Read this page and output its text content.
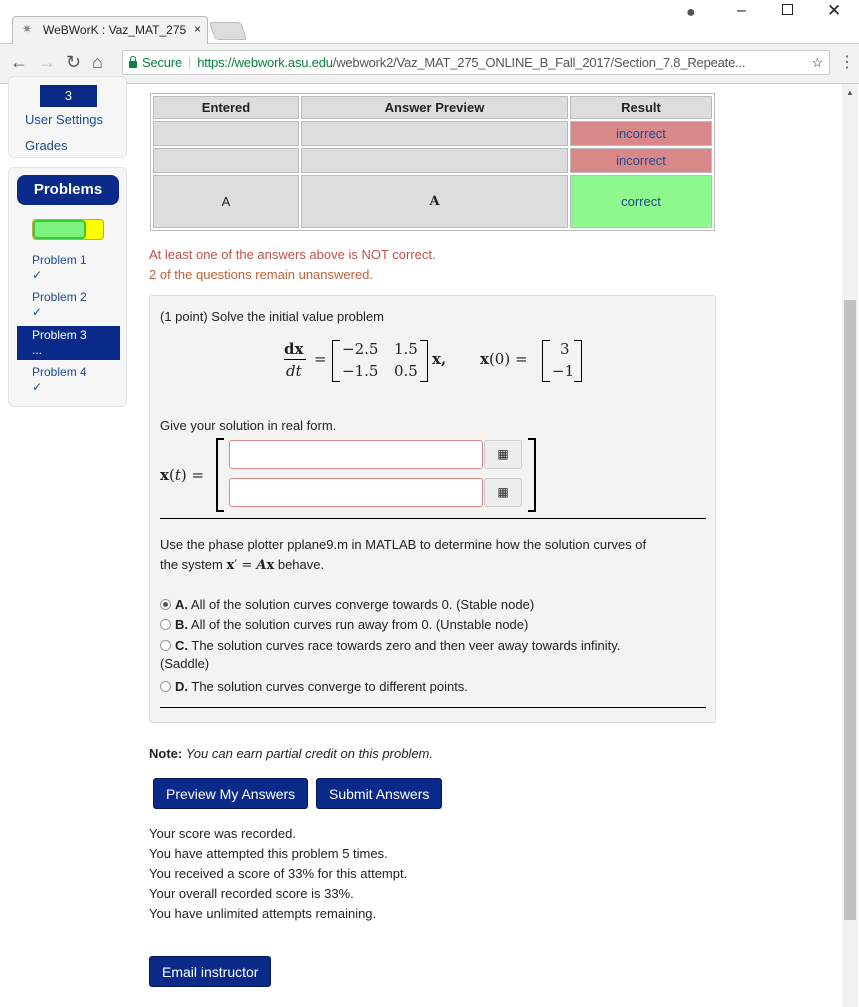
✷ WeBWorK : Vaz_MAT_275 ×
●	–	✕
← → ↻ ⌂	Secure | https://webwork.asu.edu /webwork2/Vaz_MAT_275_ONLINE_B_Fall_2017/Section_7.8_Repeate...	☆ ⋮
3
User Settings
Grades
Problems
Problem 1
✓
Problem 2
✓
Problem 3
...
Problem 4
✓
Entered	Answer Preview	Result
		incorrect
		incorrect
A	A	correct
At least one of the answers above is NOT correct.
2 of the questions remain unanswered.
(1 point) Solve the initial value problem
dx
dt
=
−2.5 1.5
−1.5 0.5
x, x(0) =
3
−1
Give your solution in real form.
x(t) =
▦
▦
Use the phase plotter pplane9.m in MATLAB to determine how the solution curves of
the system x′ = Ax behave.
A. All of the solution curves converge towards 0. (Stable node)
B. All of the solution curves run away from 0. (Unstable node)
C. The solution curves race towards zero and then veer away towards infinity.
(Saddle)
D. The solution curves converge to different points.
Note: You can earn partial credit on this problem.
Preview My Answers	Submit Answers
Your score was recorded.
You have attempted this problem 5 times.
You received a score of 33% for this attempt.
Your overall recorded score is 33%.
You have unlimited attempts remaining.
Email instructor
▲
